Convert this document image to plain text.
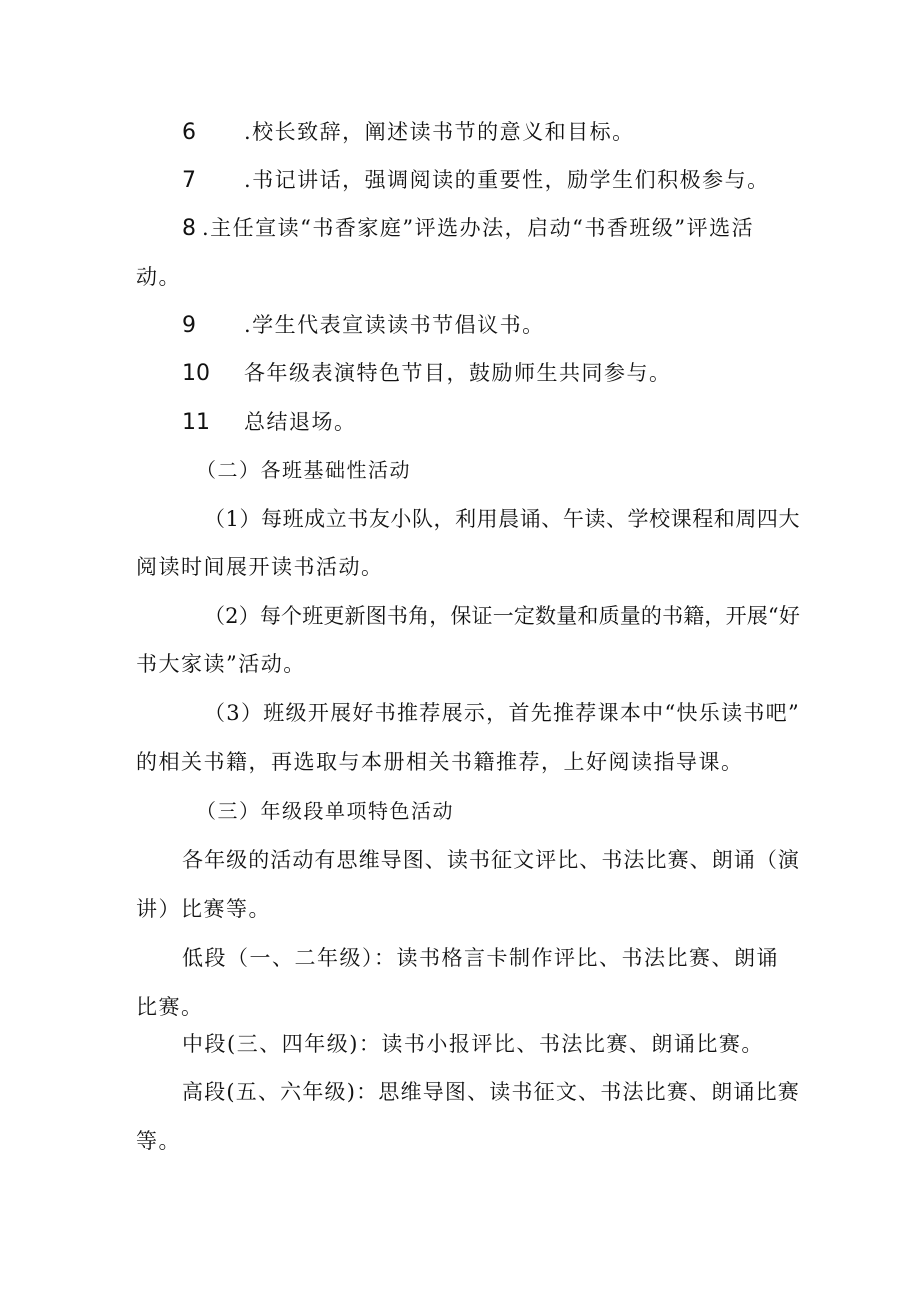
6 .校长致辞，阐述读书节的意义和目标。
7 .书记讲话，强调阅读的重要性，励学生们积极参与。
8 .主任宣读“书香家庭”评选办法，启动“书香班级”评选活
动。
9 .学生代表宣读读书节倡议书。
10 各年级表演特色节目，鼓励师生共同参与。
11 总结退场。
（二）各班基础性活动
（1）每班成立书友小队，利用晨诵、午读、学校课程和周四大
阅读时间展开读书活动。
（2）每个班更新图书角，保证一定数量和质量的书籍，开展“好
书大家读”活动。
（3）班级开展好书推荐展示，首先推荐课本中“快乐读书吧”
的相关书籍，再选取与本册相关书籍推荐，上好阅读指导课。
（三）年级段单项特色活动
各年级的活动有思维导图、读书征文评比、书法比赛、朗诵（演
讲）比赛等。
低段（一、二年级）：读书格言卡制作评比、书法比赛、朗诵
比赛。
中段(三、四年级)：读书小报评比、书法比赛、朗诵比赛。
高段(五、六年级)：思维导图、读书征文、书法比赛、朗诵比赛
等。
